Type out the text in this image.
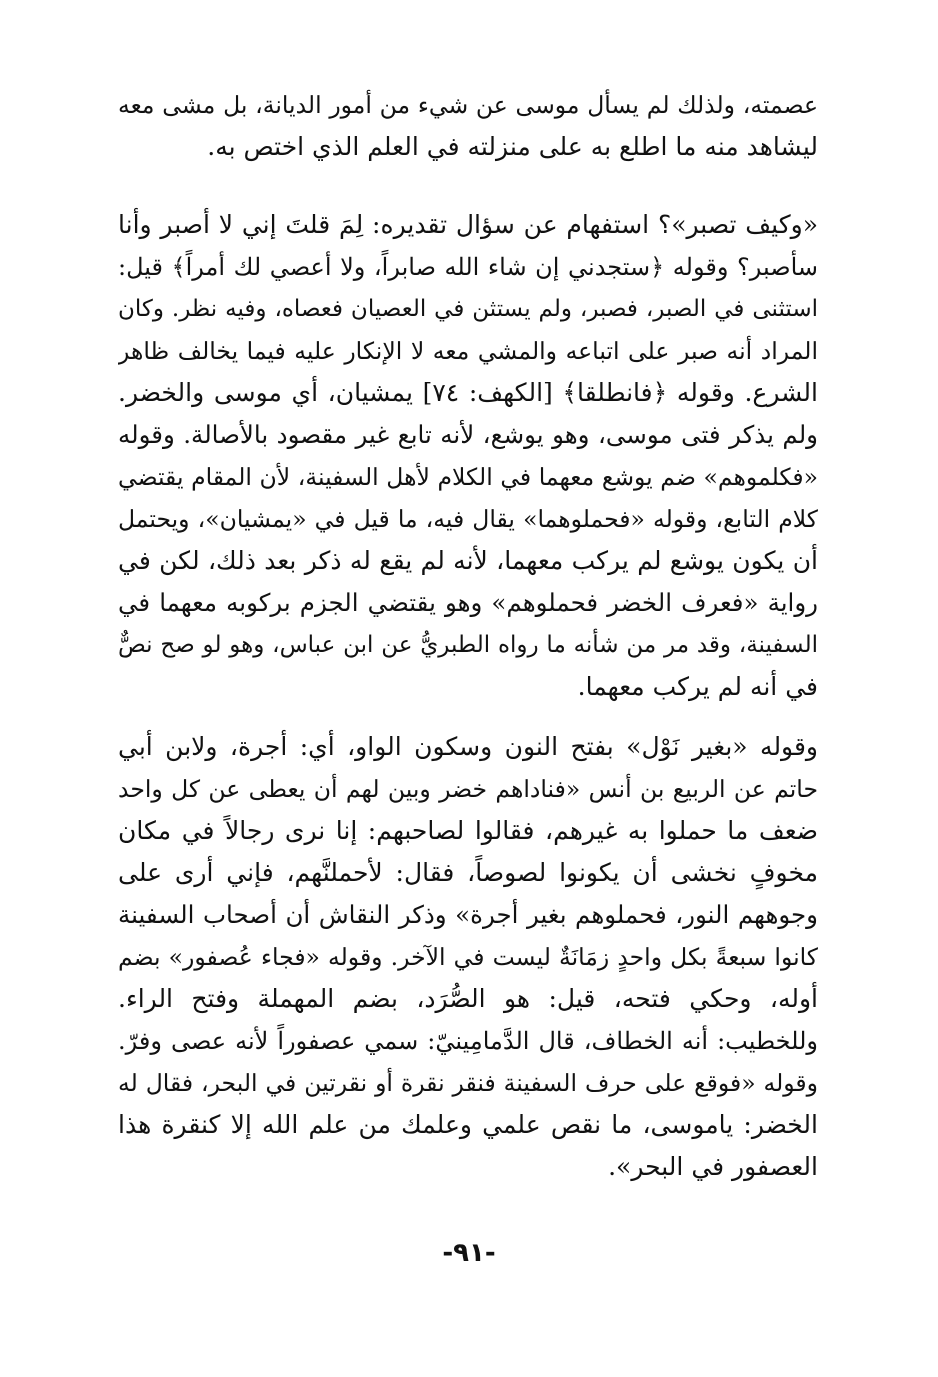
عصمته، ولذلك لم يسأل موسى عن شيء من أمور الديانة، بل مشى معه
ليشاهد منه ما اطلع به على منزلته في العلم الذي اختص به.
«وكيف تصبر»؟ استفهام عن سؤال تقديره: لِمَ قلتَ إني لا أصبر وأنا
سأصبر؟ وقوله ﴿ستجدني إن شاء الله صابراً، ولا أعصي لك أمراً﴾ قيل:
استثنى في الصبر، فصبر، ولم يستثن في العصيان فعصاه، وفيه نظر. وكان
المراد أنه صبر على اتباعه والمشي معه لا الإنكار عليه فيما يخالف ظاهر
الشرع. وقوله ﴿فانطلقا﴾ [الكهف: ٧٤] يمشيان، أي موسى والخضر.
ولم يذكر فتى موسى، وهو يوشع، لأنه تابع غير مقصود بالأصالة. وقوله
«فكلموهم» ضم يوشع معهما في الكلام لأهل السفينة، لأن المقام يقتضي
كلام التابع، وقوله «فحملوهما» يقال فيه، ما قيل في «يمشيان»، ويحتمل
أن يكون يوشع لم يركب معهما، لأنه لم يقع له ذكر بعد ذلك، لكن في
رواية «فعرف الخضر فحملوهم» وهو يقتضي الجزم بركوبه معهما في
السفينة، وقد مر من شأنه ما رواه الطبريُّ عن ابن عباس، وهو لو صح نصٌّ
في أنه لم يركب معهما.
وقوله «بغير نَوْل» بفتح النون وسكون الواو، أي: أجرة، ولابن أبي
حاتم عن الربيع بن أنس «فناداهم خضر وبين لهم أن يعطى عن كل واحد
ضعف ما حملوا به غيرهم، فقالوا لصاحبهم: إنا نرى رجالاً في مكان
مخوفٍ نخشى أن يكونوا لصوصاً، فقال: لأحملنَّهم، فإني أرى على
وجوههم النور، فحملوهم بغير أجرة» وذكر النقاش أن أصحاب السفينة
كانوا سبعةً بكل واحدٍ زمَانَةٌ ليست في الآخر. وقوله «فجاء عُصفور» بضم
أوله، وحكي فتحه، قيل: هو الصُّرَد، بضم المهملة وفتح الراء.
وللخطيب: أنه الخطاف، قال الدَّمامِينيّ: سمي عصفوراً لأنه عصى وفرّ.
وقوله «فوقع على حرف السفينة فنقر نقرة أو نقرتين في البحر، فقال له
الخضر: ياموسى، ما نقص علمي وعلمك من علم الله إلا كنقرة هذا
العصفور في البحر».
-٩١-
